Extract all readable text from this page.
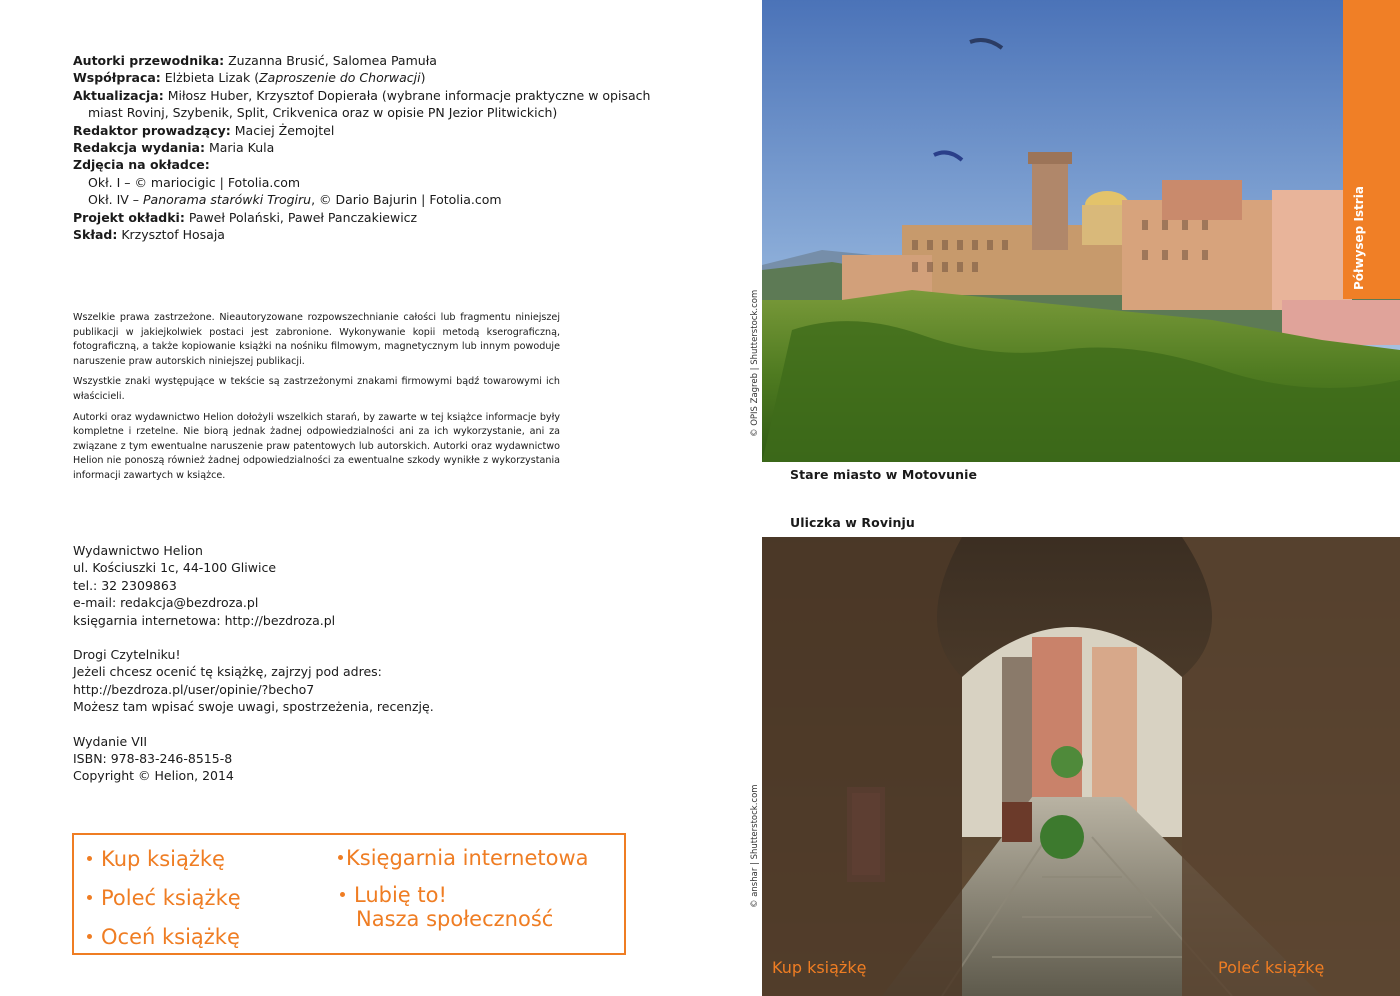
Autorki przewodnika: Zuzanna Brusić, Salomea Pamuła
Współpraca: Elżbieta Lizak (Zaproszenie do Chorwacji)
Aktualizacja: Miłosz Huber, Krzysztof Dopierała (wybrane informacje praktyczne w opisach
miast Rovinj, Szybenik, Split, Crikvenica oraz w opisie PN Jezior Plitwickich)
Redaktor prowadzący: Maciej Żemojtel
Redakcja wydania: Maria Kula
Zdjęcia na okładce:
Okł. I – © mariocigic | Fotolia.com
Okł. IV – Panorama starówki Trogiru, © Dario Bajurin | Fotolia.com
Projekt okładki: Paweł Polański, Paweł Panczakiewicz
Skład: Krzysztof Hosaja

Wszelkie prawa zastrzeżone. Nieautoryzowane rozpowszechnianie całości lub fragmentu niniejszej publikacji w jakiejkolwiek postaci jest zabronione. Wykonywanie kopii metodą kserograficzną, fotograficzną, a także kopiowanie książki na nośniku filmowym, magnetycznym lub innym powoduje naruszenie praw autorskich niniejszej publikacji.

Wszystkie znaki występujące w tekście są zastrzeżonymi znakami firmowymi bądź towarowymi ich właścicieli.

Autorki oraz wydawnictwo Helion dołożyli wszelkich starań, by zawarte w tej książce informacje były kompletne i rzetelne. Nie biorą jednak żadnej odpowiedzialności ani za ich wykorzystanie, ani za związane z tym ewentualne naruszenie praw patentowych lub autorskich. Autorki oraz wydawnictwo Helion nie ponoszą również żadnej odpowiedzialności za ewentualne szkody wynikłe z wykorzystania informacji zawartych w książce.

Wydawnictwo Helion
ul. Kościuszki 1c, 44-100 Gliwice
tel.: 32 2309863
e-mail: redakcja@bezdroza.pl
księgarnia internetowa: http://bezdroza.pl
Drogi Czytelniku!
Jeżeli chcesz ocenić tę książkę, zajrzyj pod adres:
http://bezdroza.pl/user/opinie/?becho7
Możesz tam wpisać swoje uwagi, spostrzeżenia, recenzję.
Wydanie VII
ISBN: 978-83-246-8515-8
Copyright © Helion, 2014
Kup książkę
Poleć książkę
Oceń książkę
Księgarnia internetowa
Lubię to!
Nasza społeczność
Półwysep Istria
© OPIS Zagreb | Shutterstock.com
Stare miasto w Motovunie
Uliczka w Rovinju
© anshar | Shutterstock.com
Kup książkę	Poleć książkę
